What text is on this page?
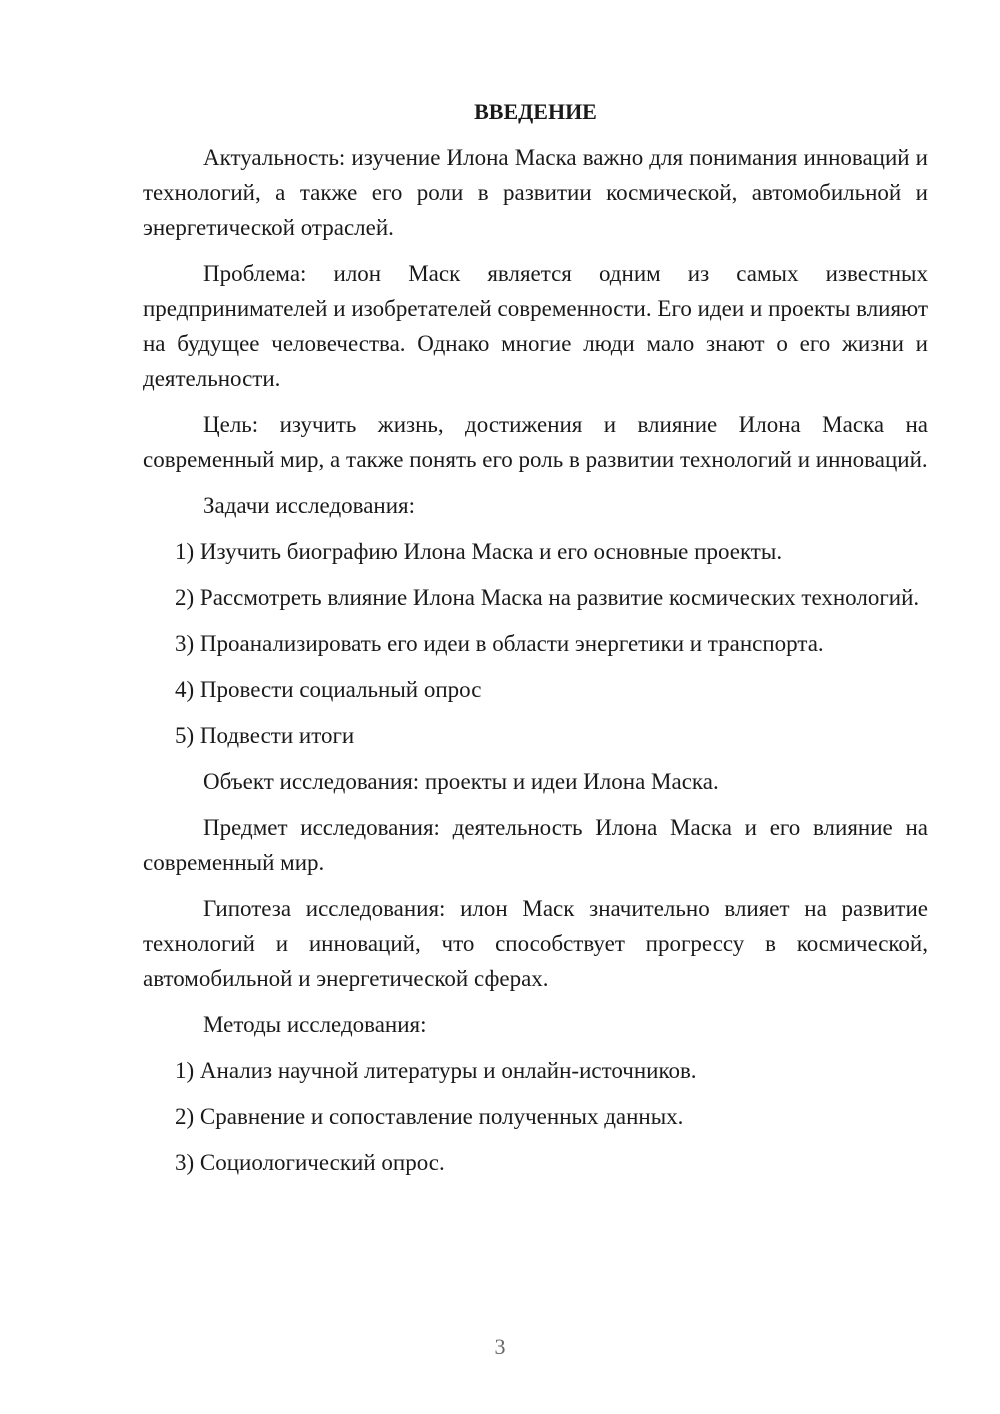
ВВЕДЕНИЕ

Актуальность: изучение Илона Маска важно для понимания инноваций и технологий, а также его роли в развитии космической, автомобильной и энергетической отраслей.

Проблема: илон Маск является одним из самых известных предпринимателей и изобретателей современности. Его идеи и проекты влияют на будущее человечества. Однако многие люди мало знают о его жизни и деятельности.

Цель: изучить жизнь, достижения и влияние Илона Маска на современный мир, а также понять его роль в развитии технологий и инноваций.

Задачи исследования:

1) Изучить биографию Илона Маска и его основные проекты.

2) Рассмотреть влияние Илона Маска на развитие космических технологий.

3) Проанализировать его идеи в области энергетики и транспорта.

4) Провести социальный опрос

5) Подвести итоги

Объект исследования: проекты и идеи Илона Маска.

Предмет исследования: деятельность Илона Маска и его влияние на современный мир.

Гипотеза исследования: илон Маск значительно влияет на развитие технологий и инноваций, что способствует прогрессу в космической, автомобильной и энергетической сферах.

Методы исследования:

1) Анализ научной литературы и онлайн-источников.

2) Сравнение и сопоставление полученных данных.

3) Социологический опрос.

3
